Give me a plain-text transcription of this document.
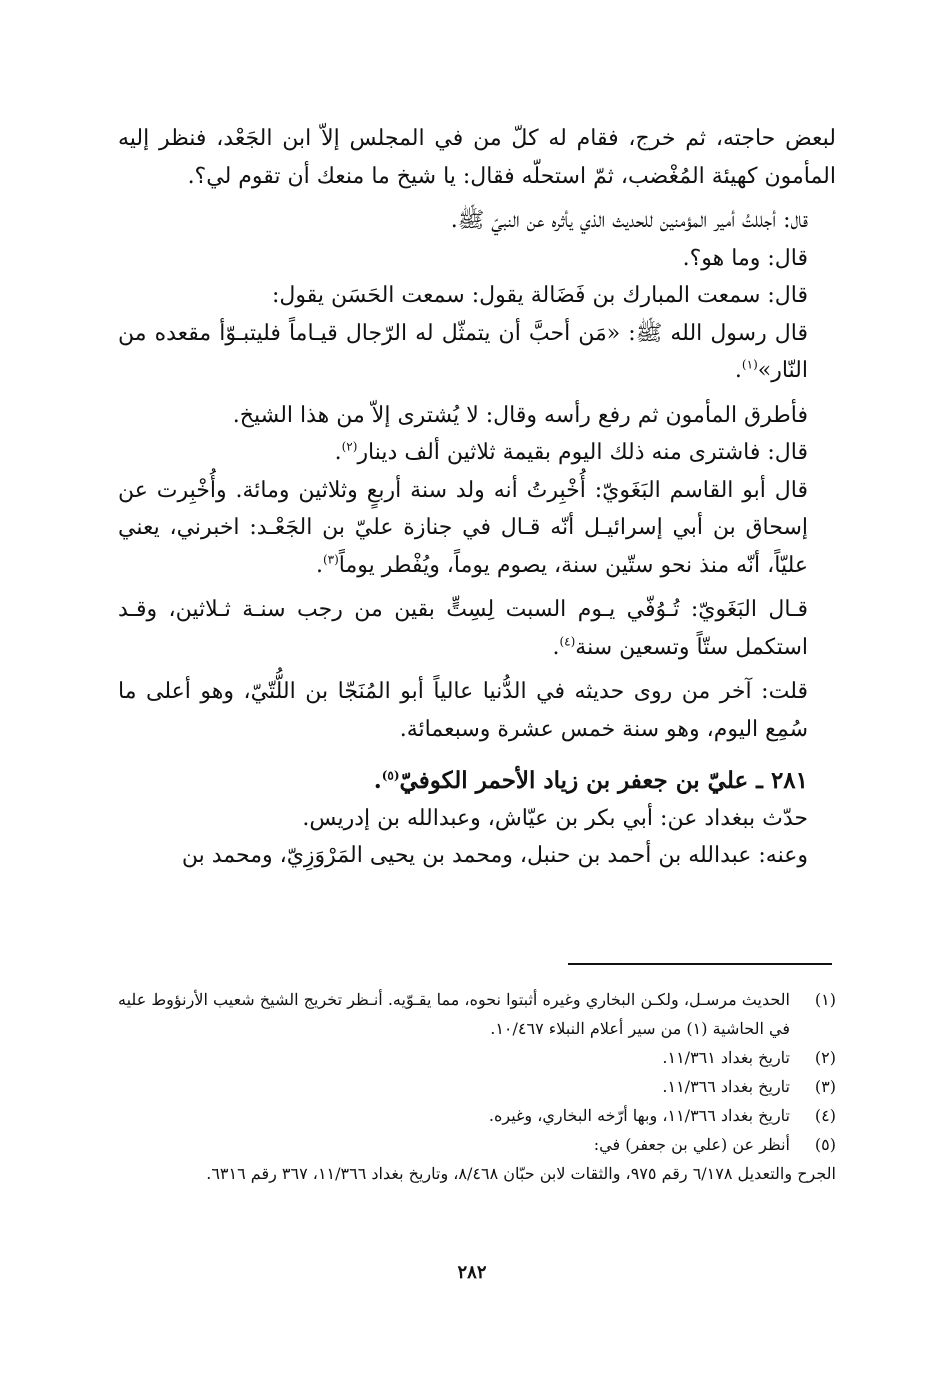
لبعض حاجته، ثم خرج، فقام له كلّ من في المجلس إلاّ ابن الجَعْد، فنظر إليه المأمون كهيئة المُغْضب، ثمّ استحلّه فقال: يا شيخ ما منعك أن تقوم لي؟.

قال: أجللتُ أمير المؤمنين للحديث الذي يأثره عن النبيّ ﷺ.

قال: وما هو؟.

قال: سمعت المبارك بن فَضَالة يقول: سمعت الحَسَن يقول:

قال رسول الله ﷺ: «مَن أحبَّ أن يتمثّل له الرّجال قيـاماً فليتبـوّأ مقعده من النّار»$^{(١)}$.

فأطرق المأمون ثم رفع رأسه وقال: لا يُشترى إلاّ من هذا الشيخ.

قال: فاشترى منه ذلك اليوم بقيمة ثلاثين ألف دينار$^{(٢)}$.

قال أبو القاسم البَغَويّ: أُخْبِرتُ أنه ولد سنة أربعٍ وثلاثين ومائة. وأُخْبِرت عن إسحاق بن أبي إسرائيـل أنّه قـال في جنازة عليّ بن الجَعْـد: اخبرني، يعني عليّاً، أنّه منذ نحو ستّين سنة، يصوم يوماً، ويُفْطر يوماً$^{(٣)}$.

قـال البَغَويّ: تُـوُفّي يـوم السبت لِسِتٍّ بقين من رجب سنـة ثـلاثين، وقـد استكمل ستّاً وتسعين سنة$^{(٤)}$.

قلت: آخر من روى حديثه في الدُّنيا عالياً أبو المُنَجّا بن اللُّتّيّ، وهو أعلى ما سُمِع اليوم، وهو سنة خمس عشرة وسبعمائة.

٢٨١ ـ عليّ بن جعفر بن زياد الأحمر الكوفيّ$^{(٥)}$.

حدّث ببغداد عن: أبي بكر بن عيّاش، وعبدالله بن إدريس.

وعنه: عبدالله بن أحمد بن حنبل، ومحمد بن يحيى المَرْوَزِيّ، ومحمد بن

(١)
الحديث مرسـل، ولكـن البخاري وغيره أثبتوا نحوه، مما يقـوّيه. أنـظر تخريج الشيخ شعيب الأرنؤوط عليه في الحاشية (١) من سير أعلام النبلاء ١٠/٤٦٧.
(٢)
تاريخ بغداد ١١/٣٦١.
(٣)
تاريخ بغداد ١١/٣٦٦.
(٤)
تاريخ بغداد ١١/٣٦٦، وبها أرّخه البخاري، وغيره.
(٥)
أنظر عن (علي بن جعفر) في:

الجرح والتعديل ٦/١٧٨ رقم ٩٧٥، والثقات لابن حبّان ٨/٤٦٨، وتاريخ بغداد ١١/٣٦٦، ٣٦٧ رقم ٦٣١٦.

٢٨٢
